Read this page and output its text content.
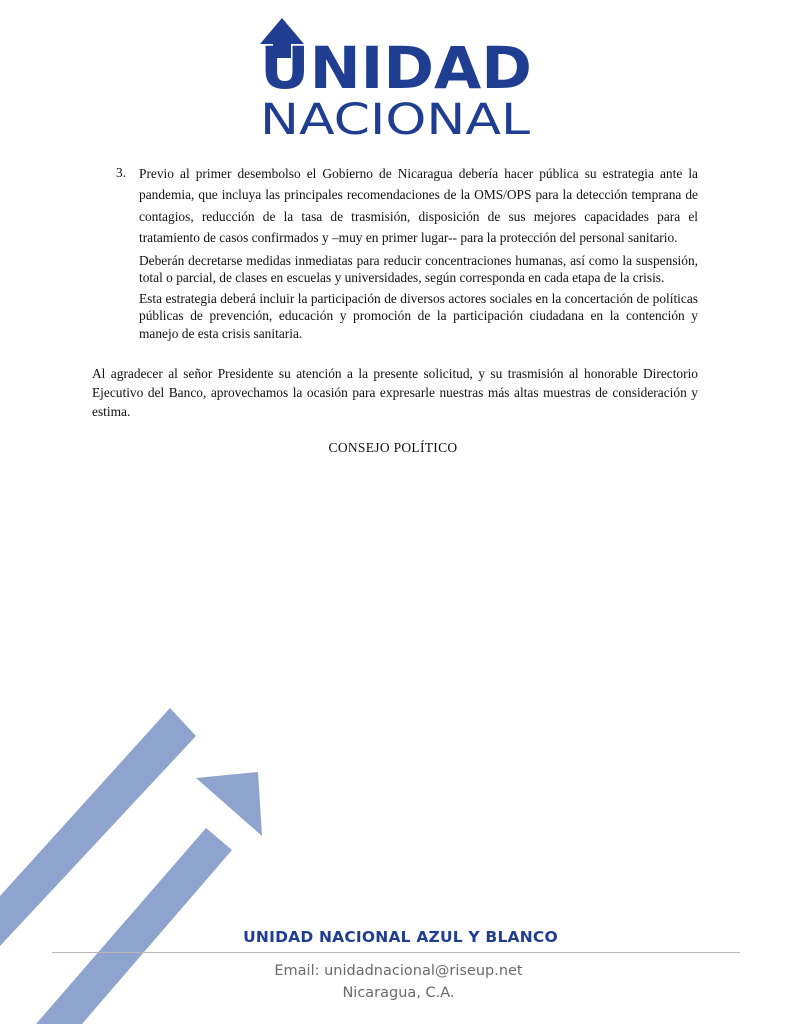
UNIDAD
NACIONAL
3. Previo al primer desembolso el Gobierno de Nicaragua debería hacer pública su estrategia ante la pandemia, que incluya las principales recomendaciones de la OMS/OPS para la detección temprana de contagios, reducción de la tasa de trasmisión, disposición de sus mejores capacidades para el tratamiento de casos confirmados y –muy en primer lugar-- para la protección del personal sanitario.

Deberán decretarse medidas inmediatas para reducir concentraciones humanas, así como la suspensión, total o parcial, de clases en escuelas y universidades, según corresponda en cada etapa de la crisis.

Esta estrategia deberá incluir la participación de diversos actores sociales en la concertación de políticas públicas de prevención, educación y promoción de la participación ciudadana en la contención y manejo de esta crisis sanitaria.

Al agradecer al señor Presidente su atención a la presente solicitud, y su trasmisión al honorable Directorio Ejecutivo del Banco, aprovechamos la ocasión para expresarle nuestras más altas muestras de consideración y estima.

CONSEJO POLÍTICO
UNIDAD NACIONAL AZUL Y BLANCO
Email: unidadnacional@riseup.net
Nicaragua, C.A.
